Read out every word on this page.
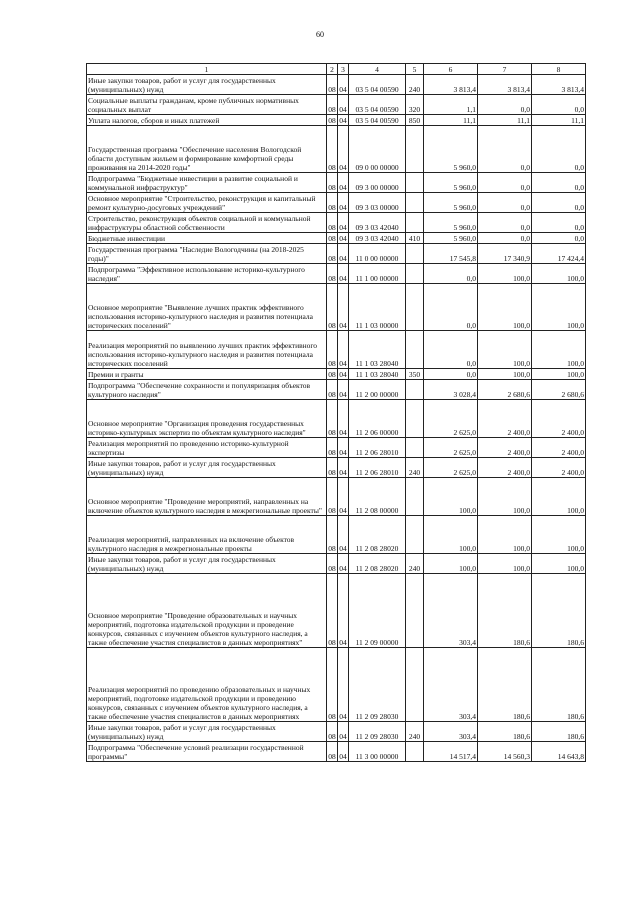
60
1	2	3	4	5	6	7	8
Иные закупки товаров, работ и услуг для государственных (муниципальных) нужд	08	04	03 5 04 00590	240	3 813,4	3 813,4	3 813,4
Социальные выплаты гражданам, кроме публичных нормативных социальных выплат	08	04	03 5 04 00590	320	1,1	0,0	0,0
Уплата налогов, сборов и иных платежей	08	04	03 5 04 00590	850	11,1	11,1	11,1
Государственная программа "Обеспечение населения Вологодской области доступным жильем и формирование комфортной среды проживания на 2014-2020 годы"	08	04	09 0 00 00000		5 960,0	0,0	0,0
Подпрограмма "Бюджетные инвестиции в развитие социальной и коммунальной инфраструктур"	08	04	09 3 00 00000		5 960,0	0,0	0,0
Основное мероприятие "Строительство, реконструкция и капитальный ремонт культурно-досуговых учреждений"	08	04	09 3 03 00000		5 960,0	0,0	0,0
Строительство, реконструкция объектов социальной и коммунальной инфраструктуры областной собственности	08	04	09 3 03 42040		5 960,0	0,0	0,0
Бюджетные инвестиции	08	04	09 3 03 42040	410	5 960,0	0,0	0,0
Государственная программа "Наследие Вологодчины (на 2018-2025 годы)"	08	04	11 0 00 00000		17 545,8	17 340,9	17 424,4
Подпрограмма "Эффективное использование историко-культурного наследия"	08	04	11 1 00 00000		0,0	100,0	100,0
Основное мероприятие "Выявление лучших практик эффективного использования историко-культурного наследия и развития потенциала исторических поселений"	08	04	11 1 03 00000		0,0	100,0	100,0
Реализация мероприятий по выявлению лучших практик эффективного использования историко-культурного наследия и развития потенциала исторических поселений	08	04	11 1 03 28040		0,0	100,0	100,0
Премии и гранты	08	04	11 1 03 28040	350	0,0	100,0	100,0
Подпрограмма "Обеспечение сохранности и популяризация объектов культурного наследия"	08	04	11 2 00 00000		3 028,4	2 680,6	2 680,6
Основное мероприятие "Организация проведения государственных историко-культурных экспертиз по объектам культурного наследия"	08	04	11 2 06 00000		2 625,0	2 400,0	2 400,0
Реализация мероприятий по проведению историко-культурной экспертизы	08	04	11 2 06 28010		2 625,0	2 400,0	2 400,0
Иные закупки товаров, работ и услуг для государственных (муниципальных) нужд	08	04	11 2 06 28010	240	2 625,0	2 400,0	2 400,0
Основное мероприятие "Проведение мероприятий, направленных на включение объектов культурного наследия в межрегиональные проекты"	08	04	11 2 08 00000		100,0	100,0	100,0
Реализация мероприятий, направленных на включение объектов культурного наследия в межрегиональные проекты	08	04	11 2 08 28020		100,0	100,0	100,0
Иные закупки товаров, работ и услуг для государственных (муниципальных) нужд	08	04	11 2 08 28020	240	100,0	100,0	100,0
Основное мероприятие "Проведение образовательных и научных мероприятий, подготовка издательской продукции и проведение конкурсов, связанных с изучением объектов культурного наследия, а также обеспечение участия специалистов в данных мероприятиях"	08	04	11 2 09 00000		303,4	180,6	180,6
Реализация мероприятий по проведению образовательных и научных мероприятий, подготовке издательской продукции и проведению конкурсов, связанных с изучением объектов культурного наследия, а также обеспечение участия специалистов в данных мероприятиях	08	04	11 2 09 28030		303,4	180,6	180,6
Иные закупки товаров, работ и услуг для государственных (муниципальных) нужд	08	04	11 2 09 28030	240	303,4	180,6	180,6
Подпрограмма "Обеспечение условий реализации государственной программы"	08	04	11 3 00 00000		14 517,4	14 560,3	14 643,8
